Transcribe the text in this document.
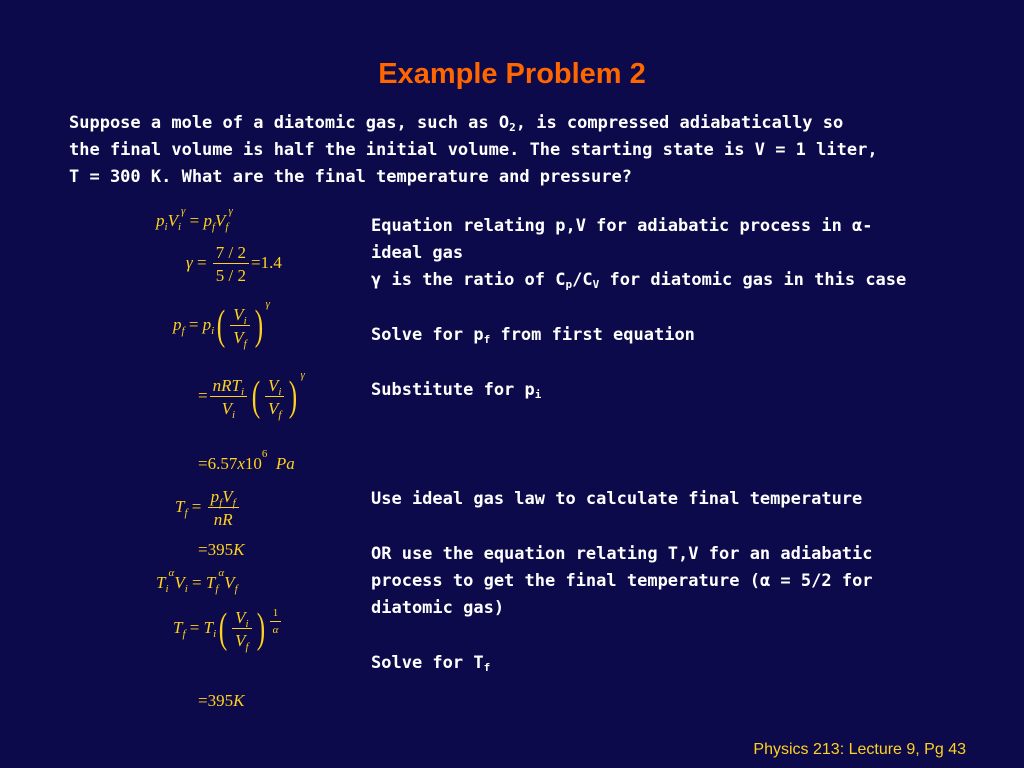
Example Problem 2
Suppose a mole of a diatomic gas, such as $O_2$, is compressed adiabatically so
the final volume is half the initial volume. The starting state is V = 1 liter,
T = 300 K. What are the final temperature and pressure?
$p_iV_i^\gamma = p_fV_f^\gamma$
$\gamma = \frac{7 / 2}{5 / 2} =1.4$
$p_f = p_i( \frac{V_i}{V_f}$ ) $^\gamma$
= $\frac{nRT_i}{V_i}$ ( $\frac{V_i}{V_f}$ ) $^\gamma$
$=6.57x10^6$ Pa
$T_f = \frac{p_fV_f}{nR}$
=395K
$T_i^\alpha V_i = T_f^\alpha V_f$
$T_f = T_i( \frac{V_i}{V_f}$ ) $\frac{1}{\alpha}$
=395K
Equation relating p,V for adiabatic process in α-
ideal gas
γ is the ratio of $C_p/C_V$ for diatomic gas in this case
Solve for $p_f$ from first equation
Substitute for $p_i$
Use ideal gas law to calculate final temperature
OR use the equation relating T,V for an adiabatic
process to get the final temperature (α = 5/2 for
diatomic gas)
Solve for $T_f$
Physics 213: Lecture 9, Pg 43
